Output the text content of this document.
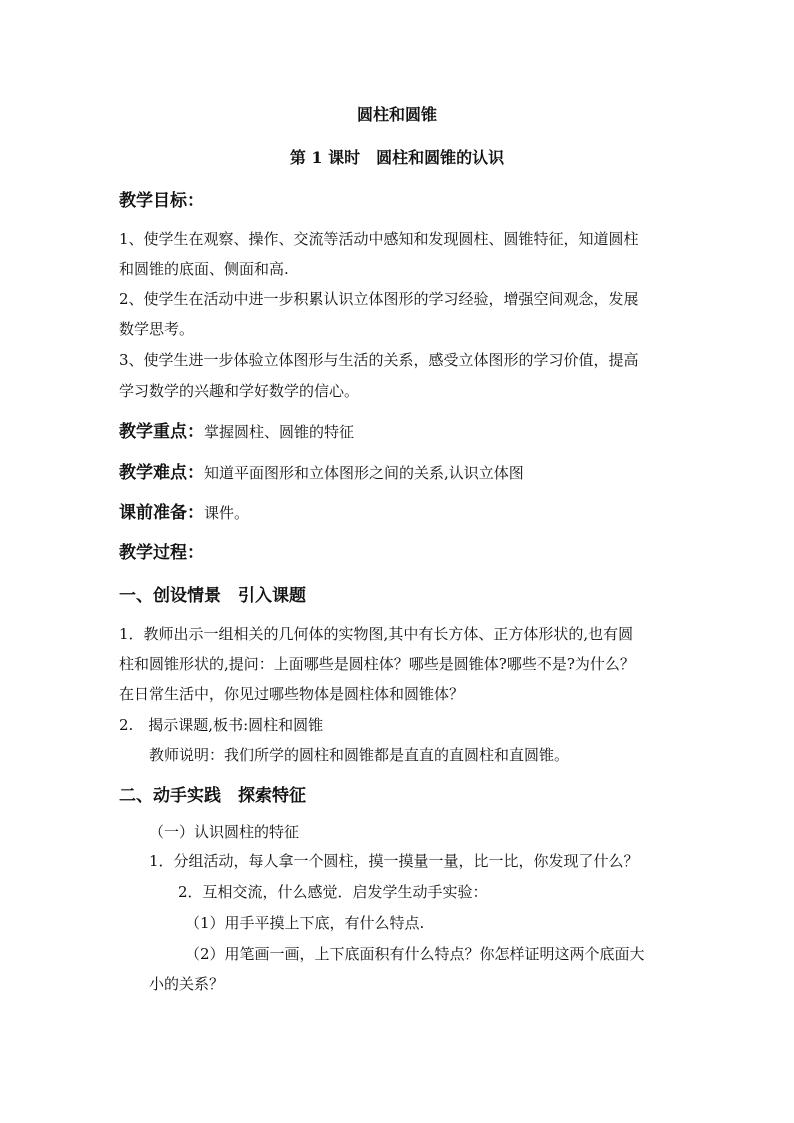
圆柱和圆锥
第 1 课时　圆柱和圆锥的认识
教学目标：
1、使学生在观察、操作、交流等活动中感知和发现圆柱、圆锥特征，知道圆柱
和圆锥的底面、侧面和高.
2、使学生在活动中进一步积累认识立体图形的学习经验，增强空间观念，发展
数学思考。
3、使学生进一步体验立体图形与生活的关系，感受立体图形的学习价值，提高
学习数学的兴趣和学好数学的信心。
教学重点：掌握圆柱、圆锥的特征
教学难点：知道平面图形和立体图形之间的关系,认识立体图
课前准备：课件。
教学过程：
一、创设情景　引入课题
1．教师出示一组相关的几何体的实物图,其中有长方体、正方体形状的,也有圆
柱和圆锥形状的,提问：上面哪些是圆柱体？哪些是圆锥体?哪些不是?为什么？
在日常生活中，你见过哪些物体是圆柱体和圆锥体？
2.　揭示课题,板书:圆柱和圆锥
教师说明：我们所学的圆柱和圆锥都是直直的直圆柱和直圆锥。
二、动手实践　探索特征
（一）认识圆柱的特征
1．分组活动，每人拿一个圆柱，摸一摸量一量，比一比，你发现了什么？
2．互相交流，什么感觉．启发学生动手实验：
（1）用手平摸上下底，有什么特点.
（2）用笔画一画，上下底面积有什么特点？你怎样证明这两个底面大
小的关系？
